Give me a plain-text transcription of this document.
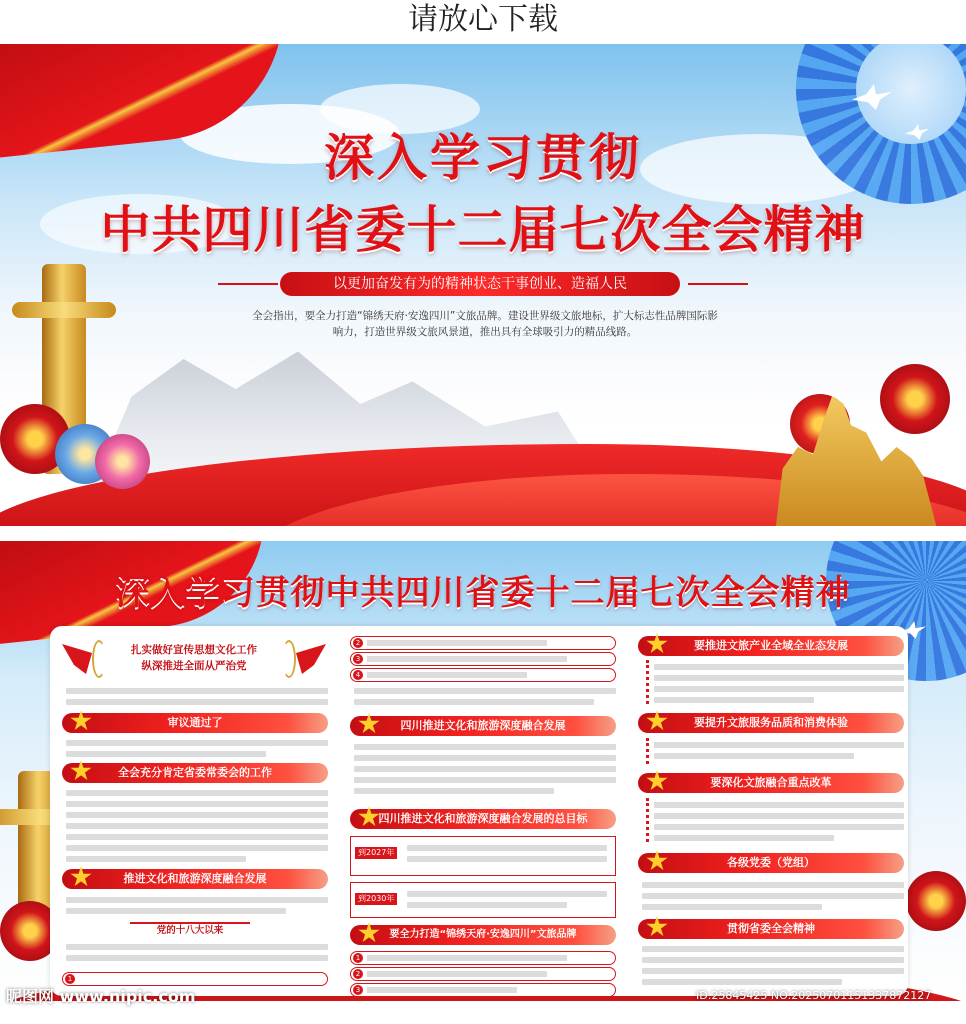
请放心下载
深入学习贯彻
中共四川省委十二届七次全会精神
以更加奋发有为的精神状态干事创业、造福人民
全会指出，要全力打造“锦绣天府·安逸四川”文旅品牌。建设世界级文旅地标，扩大标志性品牌国际影
响力，打造世界级文旅风景道，推出具有全球吸引力的精品线路。
深入学习贯彻中共四川省委十二届七次全会精神
扎实做好宣传思想文化工作
纵深推进全面从严治党
审议通过了
全会充分肯定省委常委会的工作
推进文化和旅游深度融合发展
党的十八大以来
1
2
3
4
四川推进文化和旅游深度融合发展
四川推进文化和旅游深度融合发展的总目标
到2027年
到2030年
要全力打造“锦绣天府·安逸四川”文旅品牌
1
2
3
要推进文旅产业全域全业态发展
要提升文旅服务品质和消费体验
要深化文旅融合重点改革
各级党委（党组）
贯彻省委全会精神
昵图网 www.nipic.com	ID:25845425 NO:20250701151337872127
